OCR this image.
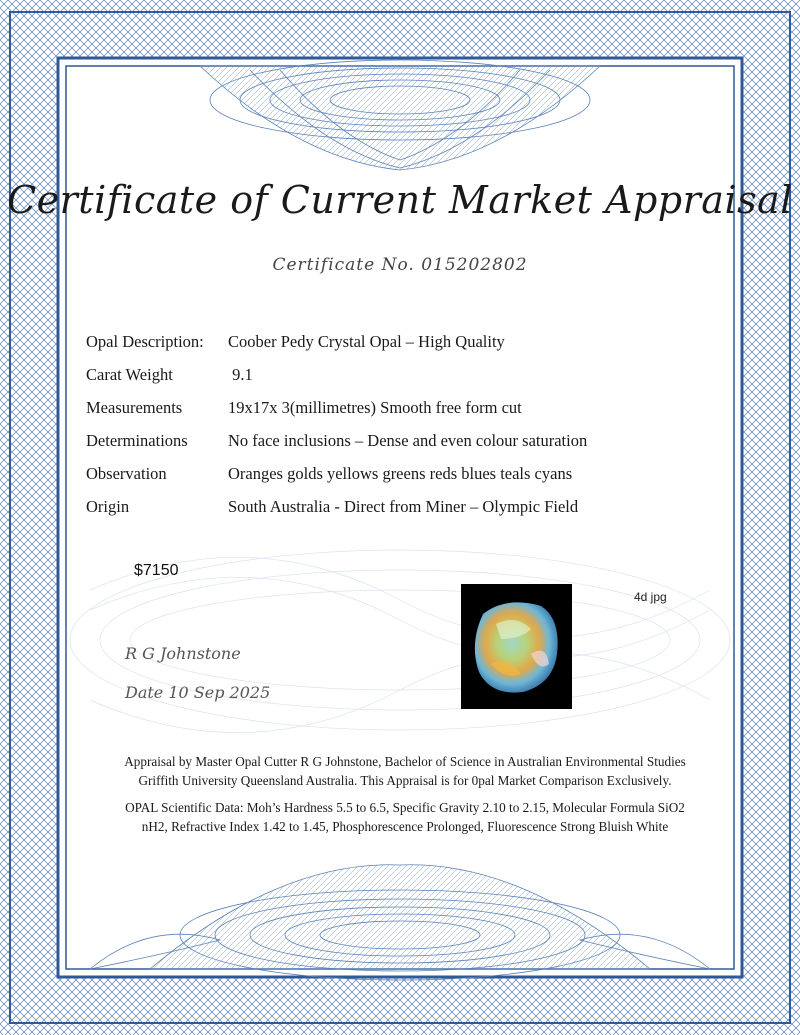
Certificate of Current Market Appraisal
Certificate No. 015202802
Opal Description:	Coober Pedy Crystal Opal – High Quality
Carat Weight	9.1
Measurements	19x17x 3(millimetres) Smooth free form cut
Determinations	No face inclusions – Dense and even colour saturation
Observation	Oranges golds yellows greens reds blues teals cyans
Origin	South Australia - Direct from Miner – Olympic Field
$7150
R G Johnstone
Date 10 Sep 2025
4d jpg
Appraisal by Master Opal Cutter R G Johnstone, Bachelor of Science in Australian Environmental Studies
Griffith University Queensland Australia. This Appraisal is for 0pal Market Comparison Exclusively.
OPAL Scientific Data: Moh’s Hardness 5.5 to 6.5, Specific Gravity 2.10 to 2.15, Molecular Formula SiO2
nH2, Refractive Index 1.42 to 1.45, Phosphorescence Prolonged, Fluorescence Strong Bluish White
